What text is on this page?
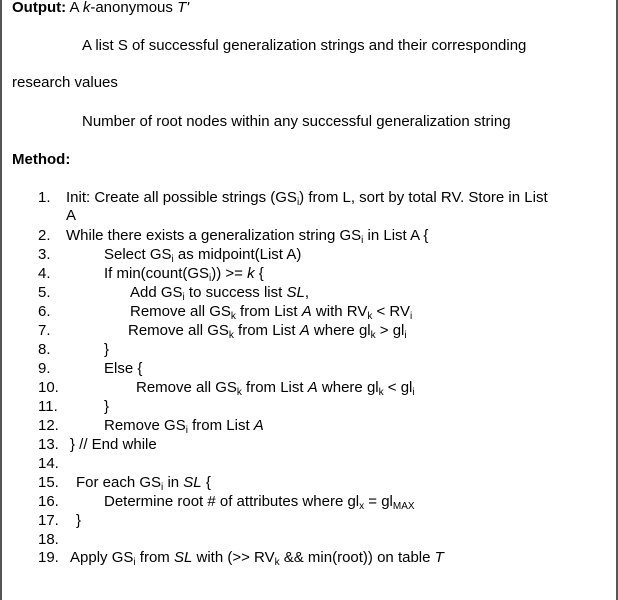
Output: A k-anonymous T'
A list S of successful generalization strings and their corresponding
research values
Number of root nodes within any successful generalization string
Method:
1.	Init: Create all possible strings $(GS_i)$ from L, sort by total RV. Store in List
A
2.	While there exists a generalization string $GS_i$ in List A {
3.	Select $GS_i$ as midpoint(List A)
4.	If $\min(count(GS_i)) >= k$ {
5.	Add $GS_i$ to success list SL,
6.	Remove all $GS_k$ from List A with $RV_k < RV_i$
7.	Remove all $GS_k$ from List A where $gl_k > gl_i$
8.	}
9.	Else {
10.	Remove all $GS_k$ from List A where $gl_k < gl_i$
11.	}
12.	Remove $GS_i$ from List A
13. } // End while
14.
15.	For each $GS_i$ in SL {
16.	Determine root # of attributes where $gl_x = gl_{MAX}$
17.	}
18.
19. Apply $GS_i$ from SL with (>> $RV_k$ && min(root)) on table T
